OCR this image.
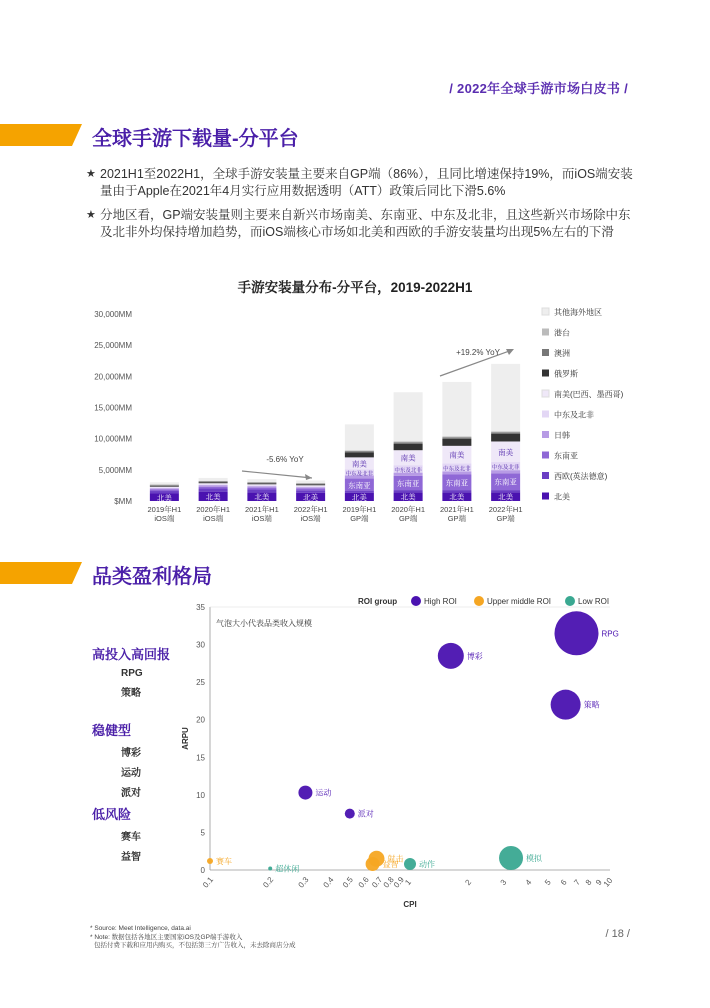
/ 2022年全球手游市场白皮书 /
全球手游下载量-分平台
★ 2021H1至2022H1，全球手游安装量主要来自GP端（86%），且同比增速保持19%，而iOS端安装量由于Apple在2021年4月实行应用数据透明（ATT）政策后同比下滑5.6%
★ 分地区看，GP端安装量则主要来自新兴市场南美、东南亚、中东及北非，且这些新兴市场除中东及北非外均保持增加趋势，而iOS端核心市场如北美和西欧的手游安装量均出现5%左右的下滑
手游安装量分布-分平台，2019-2022H1
$MM
5,000MM
10,000MM
15,000MM
20,000MM
25,000MM
30,000MM
北美
2019年H1
iOS端
北美
2020年H1
iOS端
北美
2021年H1
iOS端
北美
2022年H1
iOS端
北美
东南亚
中东及北非
南美
2019年H1
GP端
北美
东南亚
中东及北非
南美
2020年H1
GP端
北美
东南亚
中东及北非
南美
2021年H1
GP端
北美
东南亚
中东及北非
南美
2022年H1
GP端
-5.6% YoY
+19.2% YoY
其他海外地区
港台
澳洲
俄罗斯
南美(巴西、墨西哥)
中东及北非
日韩
东南亚
西欧(英法德意)
北美
品类盈利格局
高投入高回报
RPG
策略
稳健型
博彩
运动
派对
低风险
赛车
益智
0
5
10
15
20
25
30
35
0.1	0.2	0.3 0.4 0.5 0.6 0.7
0.8
0.9
1	2	3 4 5 6 7 8 9
10
ARPU
CPI
气泡大小代表品类收入规模
ROI group	High ROI	Upper middle ROI	Low ROI
RPG
博彩
策略
运动
派对
赛车	益智
射击
超休闲
动作
模拟
* Source: Meet Intelligence, data.ai
* Note: 数据包括各地区主要国家iOS及GP端手游收入
包括付费下载和应用内购买，不包括第三方广告收入，未去除商店分成
/ 18 /
